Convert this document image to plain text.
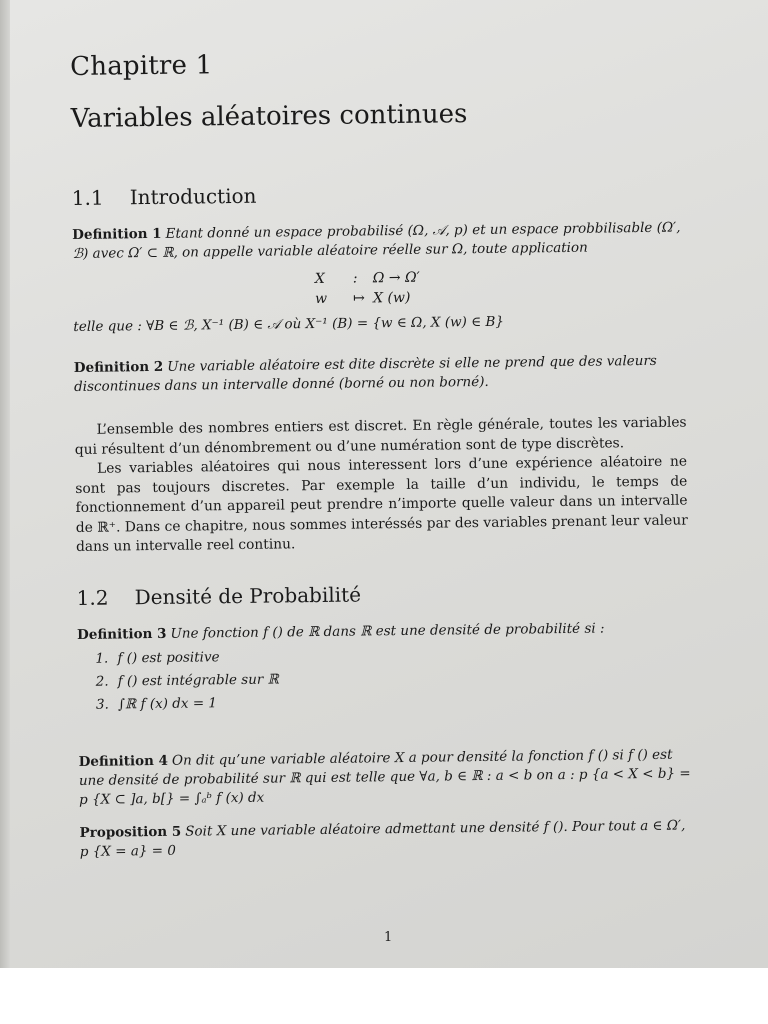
Chapitre 1
Variables aléatoires continues
1.1 Introduction

Definition 1 Etant donné un espace probabilisé (Ω, 𝒜, p) et un espace probbilisable (Ω′, ℬ) avec Ω′ ⊂ ℝ, on appelle variable aléatoire réelle sur Ω, toute application

X	:	Ω → Ω′
w	↦ X (w)

telle que : ∀B ∈ ℬ, X⁻¹ (B) ∈ 𝒜 où X⁻¹ (B) = {w ∈ Ω, X (w) ∈ B}

Definition 2 Une variable aléatoire est dite discrète si elle ne prend que des valeurs discontinues dans un intervalle donné (borné ou non borné).

L’ensemble des nombres entiers est discret. En règle générale, toutes les variables qui résultent d’un dénombrement ou d’une numération sont de type discrètes.

Les variables aléatoires qui nous interessent lors d’une expérience aléatoire ne sont pas toujours discretes. Par exemple la taille d’un individu, le temps de fonctionnement d’un appareil peut prendre n’importe quelle valeur dans un intervalle de ℝ⁺. Dans ce chapitre, nous sommes interéssés par des variables prenant leur valeur dans un intervalle reel continu.

1.2 Densité de Probabilité

Definition 3 Une fonction f () de ℝ dans ℝ est une densité de probabilité si :

1. f () est positive
2. f () est intégrable sur ℝ
3. ∫ℝ f (x) dx = 1

Definition 4 On dit qu’une variable aléatoire X a pour densité la fonction f () si f () est une densité de probabilité sur ℝ qui est telle que ∀a, b ∈ ℝ : a < b on a : p {a < X < b} = p {X ⊂ ]a, b[} = ∫ₐᵇ f (x) dx

Proposition 5 Soit X une variable aléatoire admettant une densité f (). Pour tout a ∈ Ω′, p {X = a} = 0

1
